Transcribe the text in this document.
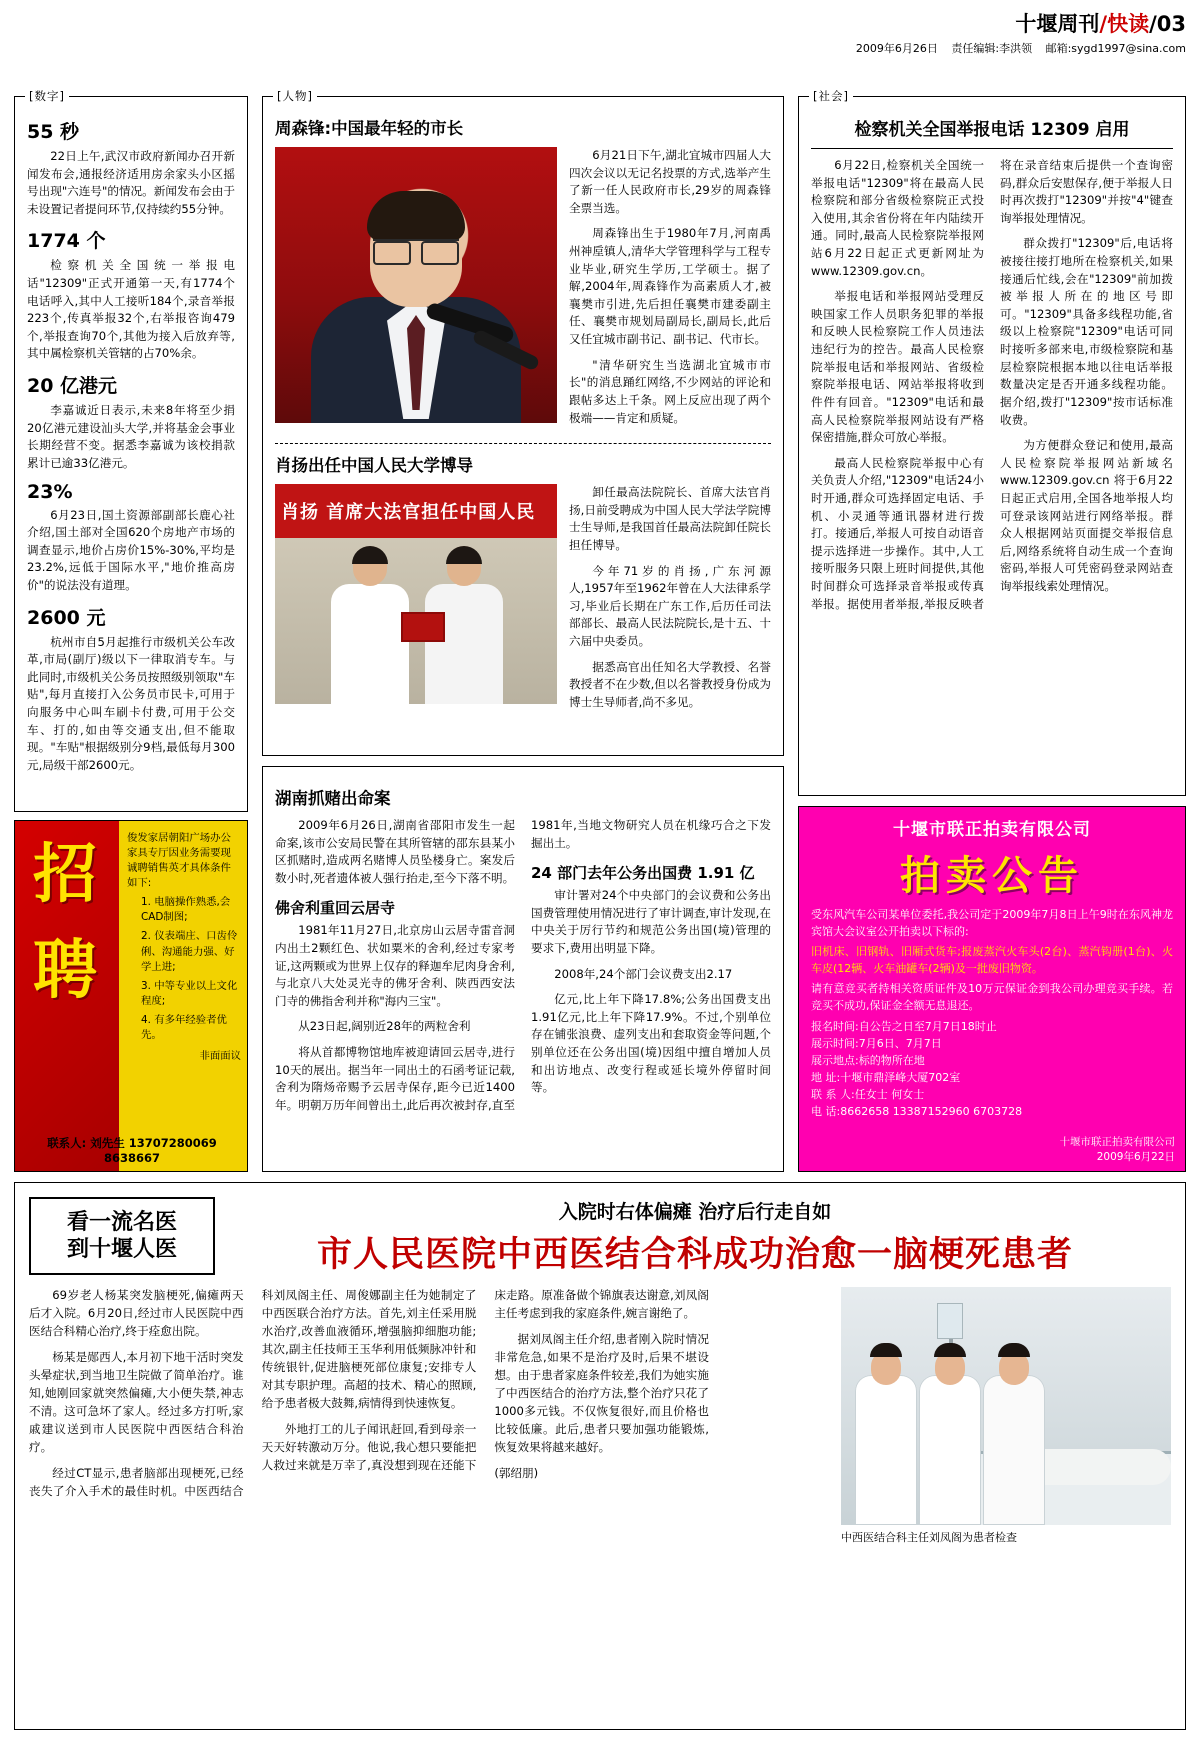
十堰周刊/快读/03
2009年6月26日 责任编辑:李洪领 邮箱:sygd1997@sina.com
[数字]
55 秒

22日上午,武汉市政府新闻办召开新闻发布会,通报经济适用房余家头小区摇号出现"六连号"的情况。新闻发布会由于未设置记者提问环节,仅持续约55分钟。

1774 个

检察机关全国统一举报电话"12309"正式开通第一天,有1774个电话呼入,其中人工接听184个,录音举报223个,传真举报32个,右举报咨询479个,举报查询70个,其他为接入后放弃等,其中属检察机关管辖的占70%余。

20 亿港元

李嘉诚近日表示,未来8年将至少捐20亿港元建设汕头大学,并将基金会事业长期经营不变。据悉李嘉诚为该校捐款累计已逾33亿港元。

23%

6月23日,国土资源部副部长鹿心社介绍,国土部对全国620个房地产市场的调查显示,地价占房价15%-30%,平均是23.2%,远低于国际水平,"地价推高房价"的说法没有道理。

2600 元

杭州市自5月起推行市级机关公车改革,市局(副厅)级以下一律取消专车。与此同时,市级机关公务员按照级别领取"车贴",每月直接打入公务员市民卡,可用于向服务中心叫车刷卡付费,可用于公交车、打的,如由等交通支出,但不能取现。"车贴"根据级别分9档,最低每月300元,局级干部2600元。

招
聘
俊发家居朝阳广场办公家具专厅因业务需要现诚聘销售英才具体条件如下:
1. 电脑操作熟悉,会CAD制图;
2. 仪表端庄、口齿伶俐、沟通能力强、好学上进;
3. 中等专业以上文化程度;
4. 有多年经验者优先。
非面面议
联系人: 刘先生 13707280069
8638667
[人物]
周森锋:中国最年轻的市长

6月21日下午,湖北宜城市四届人大四次会议以无记名投票的方式,选举产生了新一任人民政府市长,29岁的周森锋全票当选。

周森锋出生于1980年7月,河南禹州神垕镇人,清华大学管理科学与工程专业毕业,研究生学历,工学硕士。据了解,2004年,周森锋作为高素质人才,被襄樊市引进,先后担任襄樊市建委副主任、襄樊市规划局副局长,副局长,此后又任宜城市副书记、副书记、代市长。

"清华研究生当选湖北宜城市市长"的消息踊红网络,不少网站的评论和跟帖多达上千条。网上反应出现了两个极端——肯定和质疑。

肖扬出任中国人民大学博导
肖扬 首席大法官担任中国人民

卸任最高法院院长、首席大法官肖扬,日前受聘成为中国人民大学法学院博士生导师,是我国首任最高法院卸任院长担任博导。

今年71岁的肖扬,广东河源人,1957年至1962年曾在人大法律系学习,毕业后长期在广东工作,后历任司法部部长、最高人民法院院长,是十五、十六届中央委员。

据悉高官出任知名大学教授、名誉教授者不在少数,但以名誉教授身份成为博士生导师者,尚不多见。

湖南抓赌出命案

2009年6月26日,湖南省邵阳市发生一起命案,该市公安局民警在其所管辖的邵东县某小区抓赌时,造成两名赌博人员坠楼身亡。案发后数小时,死者遗体被人强行抬走,至今下落不明。

佛舍利重回云居寺

1981年11月27日,北京房山云居寺雷音洞内出土2颗红色、状如粟米的舍利,经过专家考证,这两颗或为世界上仅存的释迦牟尼肉身舍利,与北京八大处灵光寺的佛牙舍利、陕西西安法门寺的佛指舍利并称"海内三宝"。

从23日起,阔别近28年的两粒舍利

将从首都博物馆地库被迎请回云居寺,进行10天的展出。据当年一同出土的石函考证记载,舍利为隋炀帝赐予云居寺保存,距今已近1400年。明朝万历年间曾出土,此后再次被封存,直至1981年,当地文物研究人员在机缘巧合之下发掘出土。

24 部门去年公务出国费 1.91 亿

审计署对24个中央部门的会议费和公务出国费管理使用情况进行了审计调查,审计发现,在中央关于厉行节约和规范公务出国(境)管理的要求下,费用出明显下降。

2008年,24个部门会议费支出2.17

亿元,比上年下降17.8%;公务出国费支出1.91亿元,比上年下降17.9%。不过,个别单位存在铺张浪费、虚列支出和套取资金等问题,个别单位还在公务出国(境)因组中擅自增加人员和出访地点、改变行程或延长境外停留时间等。

[社会]
检察机关全国举报电话 12309 启用

6月22日,检察机关全国统一举报电话"12309"将在最高人民检察院和部分省级检察院正式投入使用,其余省份将在年内陆续开通。同时,最高人民检察院举报网站6月22日起正式更新网址为 www.12309.gov.cn。

举报电话和举报网站受理反映国家工作人员职务犯罪的举报和反映人民检察院工作人员违法违纪行为的控告。最高人民检察院举报电话和举报网站、省级检察院举报电话、网站举报将收到件件有回音。"12309"电话和最高人民检察院举报网站设有严格保密措施,群众可放心举报。

最高人民检察院举报中心有关负责人介绍,"12309"电话24小时开通,群众可选择固定电话、手机、小灵通等通讯器材进行拨打。接通后,举报人可按自动语音提示选择进一步操作。其中,人工接听服务只限上班时间提供,其他时间群众可选择录音举报或传真举报。据使用者举报,举报反映者将在录音结束后提供一个查询密码,群众后安慰保存,便于举报人日时再次拨打"12309"并按"4"键查询举报处理情况。

群众拨打"12309"后,电话将被接往接打地所在检察机关,如果接通后忙线,会在"12309"前加拨被举报人所在的地区号即可。"12309"具备多线程功能,省级以上检察院"12309"电话可同时接听多部来电,市级检察院和基层检察院根据本地以往电话举报数量决定是否开通多线程功能。据介绍,拨打"12309"按市话标准收费。

为方便群众登记和使用,最高人民检察院举报网站新域名 www.12309.gov.cn 将于6月22日起正式启用,全国各地举报人均可登录该网站进行网络举报。群众人根据网站页面提交举报信息后,网络系统将自动生成一个查询密码,举报人可凭密码登录网站查询举报线索处理情况。

十堰市联正拍卖有限公司
拍卖公告
受东风汽车公司某单位委托,我公司定于2009年7月8日上午9时在东风神龙宾馆大会议室公开拍卖以下标的:
旧机床、旧钢轨、旧厢式货车;报废蒸汽火车头(2台)、蒸汽钩册(1台)、火车皮(12辆、火车油罐车(2辆)及一批废旧物资。
请有意竞买者持相关资质证件及10万元保证金到我公司办理竞买手续。若竞买不成功,保证金全额无息退还。
报名时间:自公告之日至7月7日18时止
展示时间:7月6日、7月7日
展示地点:标的物所在地
地 址:十堰市鼎泽峰大厦702室
联 系 人:任女士 何女士
电 话:8662658 13387152960 6703728
十堰市联正拍卖有限公司
2009年6月22日
看一流名医
到十堰人医
入院时右体偏瘫 治疗后行走自如
市人民医院中西医结合科成功治愈一脑梗死患者

69岁老人杨某突发脑梗死,偏瘫两天后才入院。6月20日,经过市人民医院中西医结合科精心治疗,终于痊愈出院。

杨某是郧西人,本月初下地干活时突发头晕症状,到当地卫生院做了简单治疗。谁知,她刚回家就突然偏瘫,大小便失禁,神志不清。这可急坏了家人。经过多方打听,家戚建议送到市人民医院中西医结合科治疗。

经过CT显示,患者脑部出现梗死,已经丧失了介入手术的最佳时机。中医西结合科刘凤阁主任、周俊娜副主任为她制定了中西医联合治疗方法。首先,刘主任采用脱水治疗,改善血液循环,增强脑抑细胞功能;其次,副主任技师王玉华利用低频脉冲针和传统银针,促进脑梗死部位康复;安排专人对其专职护理。高超的技术、精心的照顾,给予患者极大鼓舞,病情得到快速恢复。

外地打工的儿子闻讯赶回,看到母亲一天天好转激动万分。他说,我心想只要能把人救过来就是万幸了,真没想到现在还能下床走路。原准备做个锦旗表达谢意,刘凤阁主任考虑到我的家庭条件,婉言谢绝了。

据刘凤阁主任介绍,患者刚入院时情况非常危急,如果不是治疗及时,后果不堪设想。由于患者家庭条件较差,我们为她实施了中西医结合的治疗方法,整个治疗只花了1000多元钱。不仅恢复很好,而且价格也比较低廉。此后,患者只要加强功能锻炼,恢复效果将越来越好。

(郭绍朋)

中西医结合科主任刘凤阁为患者检查
